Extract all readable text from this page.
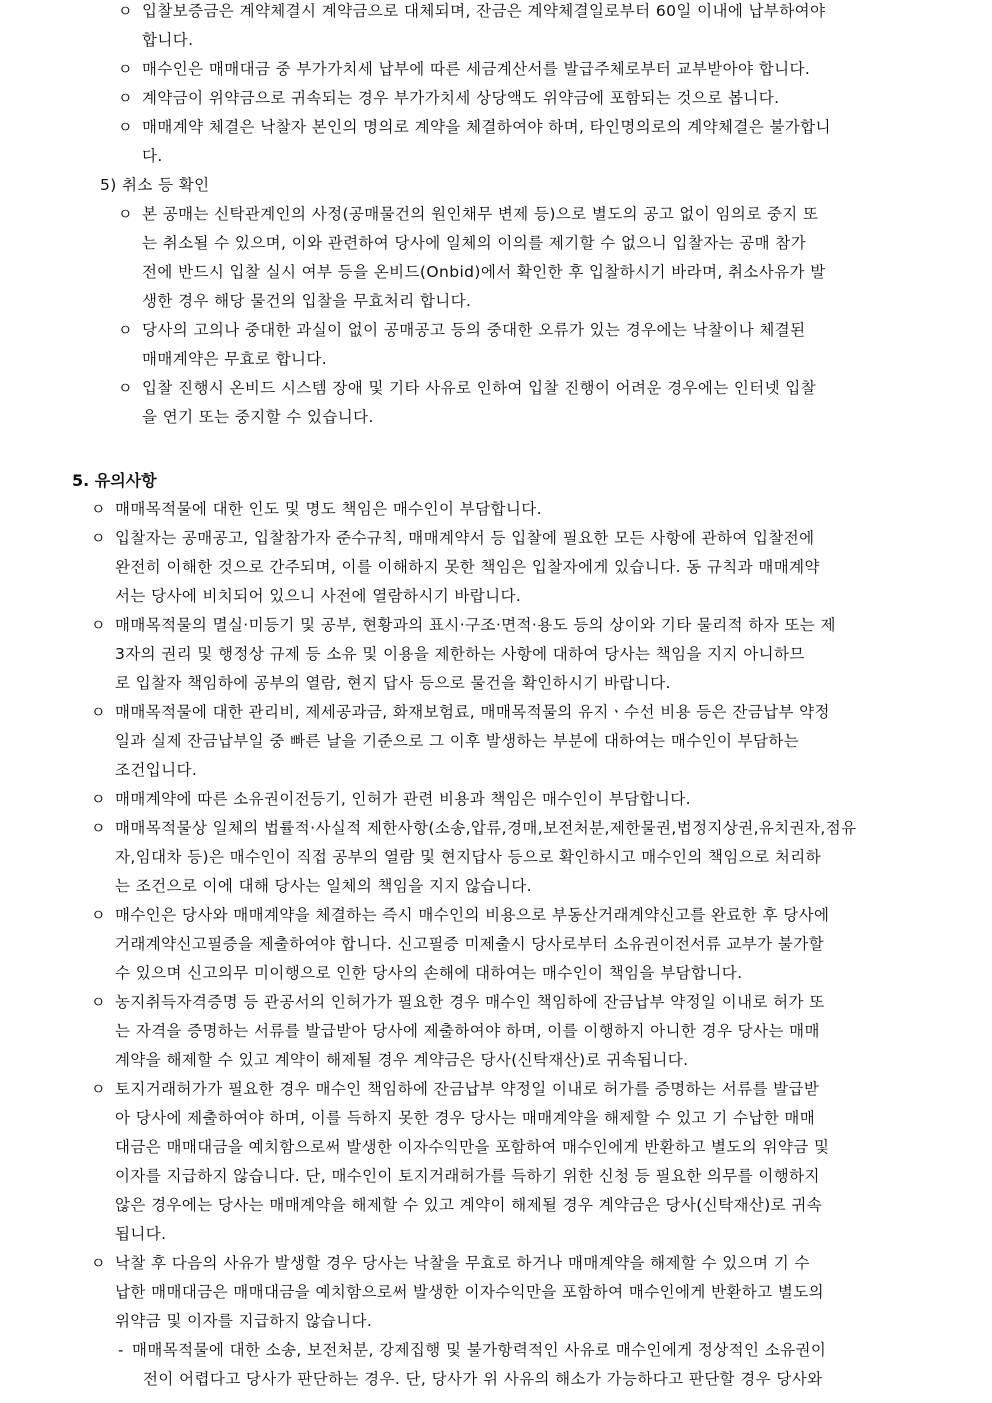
ㅇ 입찰보증금은 계약체결시 계약금으로 대체되며, 잔금은 계약체결일로부터 60일 이내에 납부하여야
합니다.
ㅇ 매수인은 매매대금 중 부가가치세 납부에 따른 세금계산서를 발급주체로부터 교부받아야 합니다.
ㅇ 계약금이 위약금으로 귀속되는 경우 부가가치세 상당액도 위약금에 포함되는 것으로 봅니다.
ㅇ 매매계약 체결은 낙찰자 본인의 명의로 계약을 체결하여야 하며, 타인명의로의 계약체결은 불가합니
다.
5) 취소 등 확인
ㅇ 본 공매는 신탁관계인의 사정(공매물건의 원인채무 변제 등)으로 별도의 공고 없이 임의로 중지 또
는 취소될 수 있으며, 이와 관련하여 당사에 일체의 이의를 제기할 수 없으니 입찰자는 공매 참가
전에 반드시 입찰 실시 여부 등을 온비드(Onbid)에서 확인한 후 입찰하시기 바라며, 취소사유가 발
생한 경우 해당 물건의 입찰을 무효처리 합니다.
ㅇ 당사의 고의나 중대한 과실이 없이 공매공고 등의 중대한 오류가 있는 경우에는 낙찰이나 체결된
매매계약은 무효로 합니다.
ㅇ 입찰 진행시 온비드 시스템 장애 및 기타 사유로 인하여 입찰 진행이 어려운 경우에는 인터넷 입찰
을 연기 또는 중지할 수 있습니다.
5. 유의사항
ㅇ 매매목적물에 대한 인도 및 명도 책임은 매수인이 부담합니다.
ㅇ 입찰자는 공매공고, 입찰참가자 준수규칙, 매매계약서 등 입찰에 필요한 모든 사항에 관하여 입찰전에
완전히 이해한 것으로 간주되며, 이를 이해하지 못한 책임은 입찰자에게 있습니다. 동 규칙과 매매계약
서는 당사에 비치되어 있으니 사전에 열람하시기 바랍니다.
ㅇ 매매목적물의 멸실·미등기 및 공부, 현황과의 표시·구조·면적·용도 등의 상이와 기타 물리적 하자 또는 제
3자의 권리 및 행정상 규제 등 소유 및 이용을 제한하는 사항에 대하여 당사는 책임을 지지 아니하므
로 입찰자 책임하에 공부의 열람, 현지 답사 등으로 물건을 확인하시기 바랍니다.
ㅇ 매매목적물에 대한 관리비, 제세공과금, 화재보험료, 매매목적물의 유지ㆍ수선 비용 등은 잔금납부 약정
일과 실제 잔금납부일 중 빠른 날을 기준으로 그 이후 발생하는 부분에 대하여는 매수인이 부담하는
조건입니다.
ㅇ 매매계약에 따른 소유권이전등기, 인허가 관련 비용과 책임은 매수인이 부담합니다.
ㅇ 매매목적물상 일체의 법률적·사실적 제한사항(소송,압류,경매,보전처분,제한물권,법정지상권,유치권자,점유
자,임대차 등)은 매수인이 직접 공부의 열람 및 현지답사 등으로 확인하시고 매수인의 책임으로 처리하
는 조건으로 이에 대해 당사는 일체의 책임을 지지 않습니다.
ㅇ 매수인은 당사와 매매계약을 체결하는 즉시 매수인의 비용으로 부동산거래계약신고를 완료한 후 당사에
거래계약신고필증을 제출하여야 합니다. 신고필증 미제출시 당사로부터 소유권이전서류 교부가 불가할
수 있으며 신고의무 미이행으로 인한 당사의 손해에 대하여는 매수인이 책임을 부담합니다.
ㅇ 농지취득자격증명 등 관공서의 인허가가 필요한 경우 매수인 책임하에 잔금납부 약정일 이내로 허가 또
는 자격을 증명하는 서류를 발급받아 당사에 제출하여야 하며, 이를 이행하지 아니한 경우 당사는 매매
계약을 해제할 수 있고 계약이 해제될 경우 계약금은 당사(신탁재산)로 귀속됩니다.
ㅇ 토지거래허가가 필요한 경우 매수인 책임하에 잔금납부 약정일 이내로 허가를 증명하는 서류를 발급받
아 당사에 제출하여야 하며, 이를 득하지 못한 경우 당사는 매매계약을 해제할 수 있고 기 수납한 매매
대금은 매매대금을 예치함으로써 발생한 이자수익만을 포함하여 매수인에게 반환하고 별도의 위약금 및
이자를 지급하지 않습니다. 단, 매수인이 토지거래허가를 득하기 위한 신청 등 필요한 의무를 이행하지
않은 경우에는 당사는 매매계약을 해제할 수 있고 계약이 해제될 경우 계약금은 당사(신탁재산)로 귀속
됩니다.
ㅇ 낙찰 후 다음의 사유가 발생할 경우 당사는 낙찰을 무효로 하거나 매매계약을 해제할 수 있으며 기 수
납한 매매대금은 매매대금을 예치함으로써 발생한 이자수익만을 포함하여 매수인에게 반환하고 별도의
위약금 및 이자를 지급하지 않습니다.
- 매매목적물에 대한 소송, 보전처분, 강제집행 및 불가항력적인 사유로 매수인에게 정상적인 소유권이
전이 어렵다고 당사가 판단하는 경우. 단, 당사가 위 사유의 해소가 가능하다고 판단할 경우 당사와
